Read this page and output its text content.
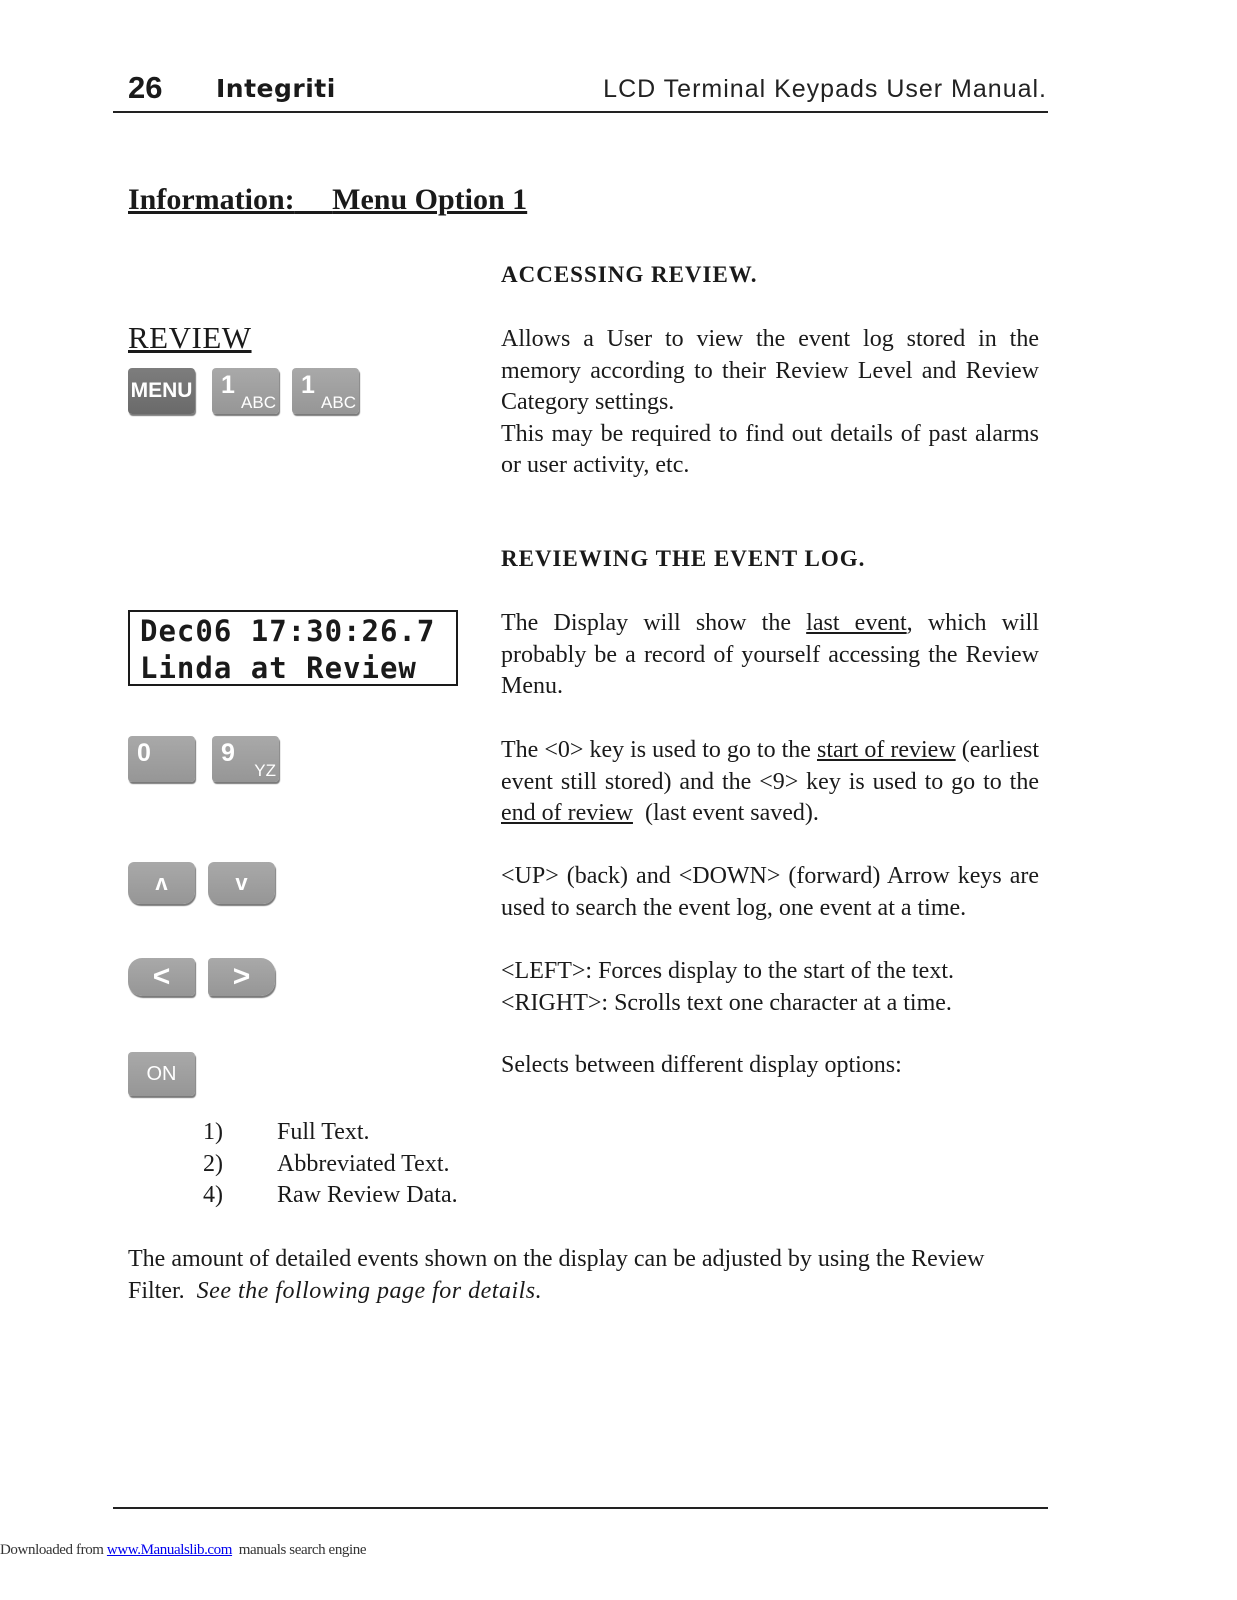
26 Integriti	LCD Terminal Keypads User Manual.
Information: Menu Option 1
ACCESSING REVIEW.
REVIEW
MENU 1
ABC
1
ABC
Allows a User to view the event log stored in the memory according to their Review Level and Review Category settings.
This may be required to find out details of past alarms or user activity, etc.
REVIEWING THE EVENT LOG.
Dec06 17:30:26.7
Linda at Review
The Display will show the last event, which will probably be a record of yourself accessing the Review Menu.
0	9
YZ
The <0> key is used to go to the start of review (earliest event still stored) and the <9> key is used to go to the end of review  (last event saved).
ʌ	v	<UP> (back) and <DOWN> (forward) Arrow keys are used to search the event log, one event at a time.
<	>	<LEFT>: Forces display to the start of the text.
<RIGHT>: Scrolls text one character at a time.
ON	Selects between different display options:
1)	Full Text.
2)	Abbreviated Text.
4)	Raw Review Data.
The amount of detailed events shown on the display can be adjusted by using the Review Filter.  See the following page for details.
Downloaded from www.Manualslib.com  manuals search engine
